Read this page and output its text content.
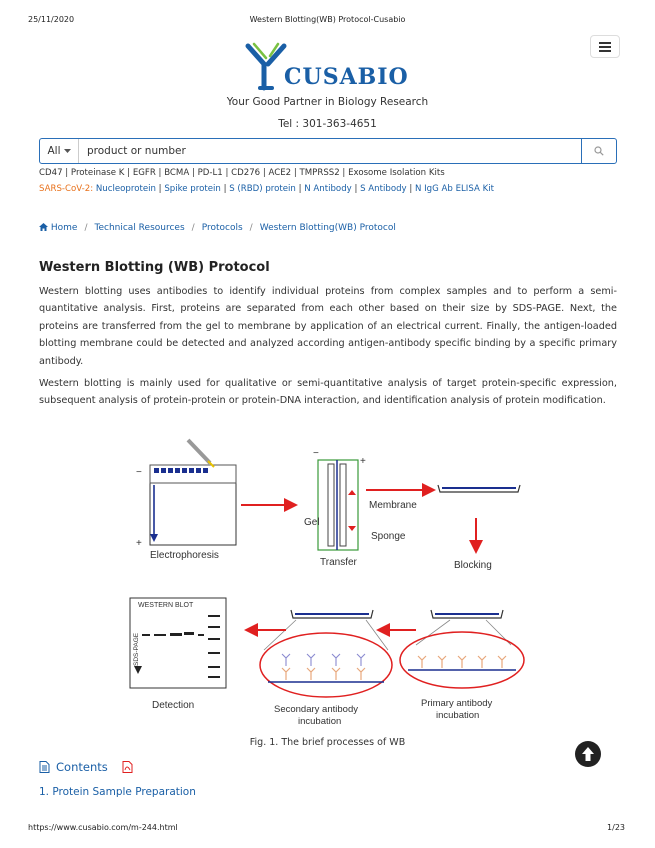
25/11/2020	Western Blotting(WB) Protocol-Cusabio
CUSABIO
Your Good Partner in Biology Research
Tel : 301-363-4651
All
product or number
CD47 | Proteinase K | EGFR | BCMA | PD-L1 | CD276 | ACE2 | TMPRSS2 | Exosome Isolation Kits
SARS-CoV-2: Nucleoprotein | Spike protein | S (RBD) protein | N Antibody | S Antibody | N IgG Ab ELISA Kit
Home / Technical Resources / Protocols / Western Blotting(WB) Protocol
Western Blotting (WB) Protocol
Western blotting uses antibodies to identify individual proteins from complex samples and to perform a semi-quantitative analysis. First, proteins are separated from each other based on their size by SDS-PAGE. Next, the proteins are transferred from the gel to membrane by application of an electrical current. Finally, the antigen-loaded blotting membrane could be detected and analyzed according antigen-antibody specific binding by a specific primary antibody.
Western blotting is mainly used for qualitative or semi-quantitative analysis of target protein-specific expression, subsequent analysis of protein-protein or protein-DNA interaction, and identification analysis of protein modification.
−
+
Electrophoresis
−
+
Membrane
Gel
Sponge
Transfer	Blocking
Primary antibody
incubation
Secondary antibody
incubation
WESTERN BLOT
SDS-PAGE
Detection
Fig. 1. The brief processes of WB
Contents
1. Protein Sample Preparation
https://www.cusabio.com/m-244.html	1/23
